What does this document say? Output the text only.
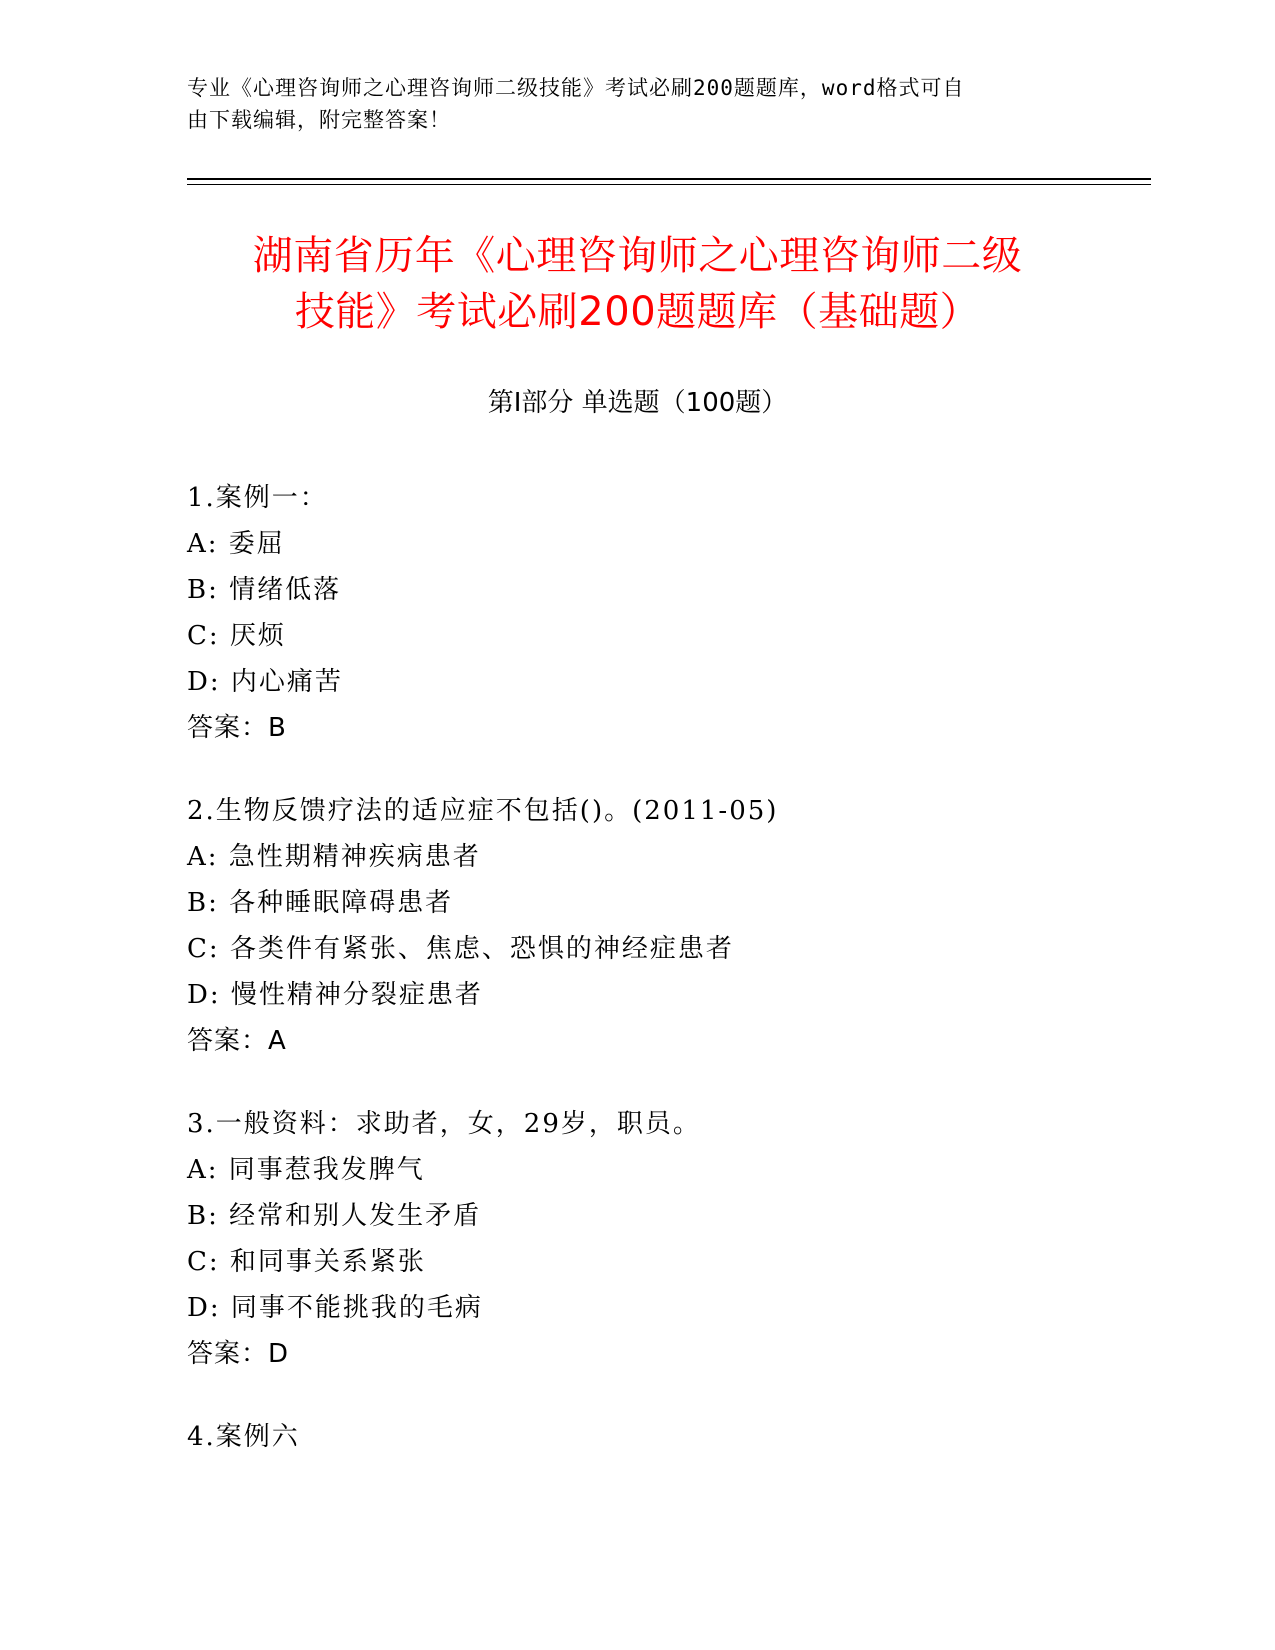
专业《心理咨询师之心理咨询师二级技能》考试必刷200题题库，word格式可自
由下载编辑，附完整答案！
湖南省历年《心理咨询师之心理咨询师二级
技能》考试必刷200题题库（基础题）
第I部分 单选题（100题）
1.案例一：
A: 委屈
B: 情绪低落
C: 厌烦
D: 内心痛苦
答案：B
2.生物反馈疗法的适应症不包括()。(2011-05)
A: 急性期精神疾病患者
B: 各种睡眠障碍患者
C: 各类件有紧张、焦虑、恐惧的神经症患者
D: 慢性精神分裂症患者
答案：A
3.一般资料：求助者，女，29岁，职员。
A: 同事惹我发脾气
B: 经常和别人发生矛盾
C: 和同事关系紧张
D: 同事不能挑我的毛病
答案：D
4.案例六
